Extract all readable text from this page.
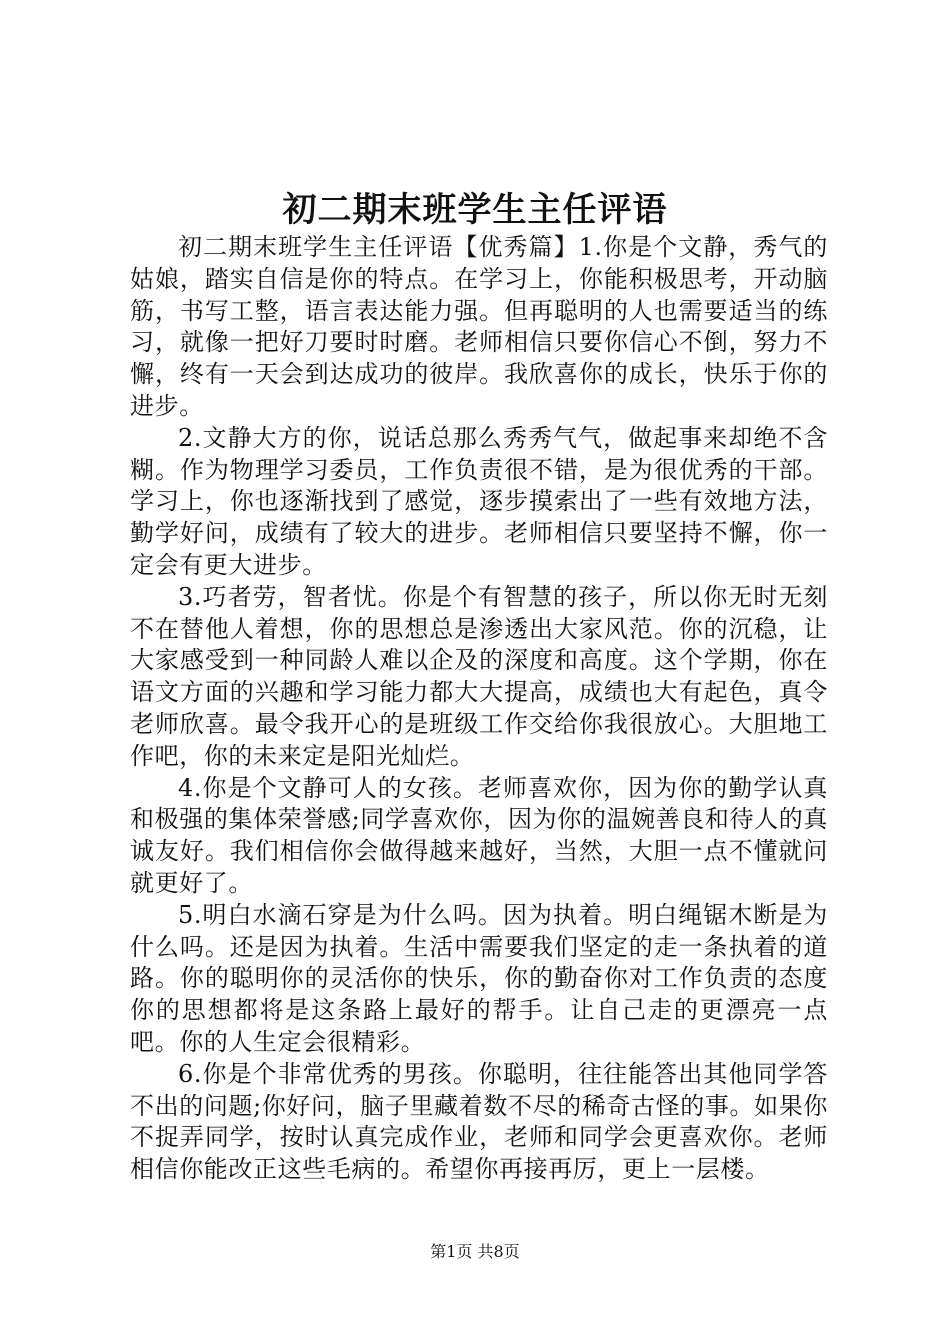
初二期末班学生主任评语

初二期末班学生主任评语【优秀篇】1.你是个文静，秀气的姑娘，踏实自信是你的特点。在学习上，你能积极思考，开动脑筋，书写工整，语言表达能力强。但再聪明的人也需要适当的练习，就像一把好刀要时时磨。老师相信只要你信心不倒，努力不懈，终有一天会到达成功的彼岸。我欣喜你的成长，快乐于你的进步。

2.文静大方的你，说话总那么秀秀气气，做起事来却绝不含糊。作为物理学习委员，工作负责很不错，是为很优秀的干部。学习上，你也逐渐找到了感觉，逐步摸索出了一些有效地方法，勤学好问，成绩有了较大的进步。老师相信只要坚持不懈，你一定会有更大进步。

3.巧者劳，智者忧。你是个有智慧的孩子，所以你无时无刻不在替他人着想，你的思想总是渗透出大家风范。你的沉稳，让大家感受到一种同龄人难以企及的深度和高度。这个学期，你在语文方面的兴趣和学习能力都大大提高，成绩也大有起色，真令老师欣喜。最令我开心的是班级工作交给你我很放心。大胆地工作吧，你的未来定是阳光灿烂。

4.你是个文静可人的女孩。老师喜欢你，因为你的勤学认真和极强的集体荣誉感;同学喜欢你，因为你的温婉善良和待人的真诚友好。我们相信你会做得越来越好，当然，大胆一点不懂就问就更好了。

5.明白水滴石穿是为什么吗。因为执着。明白绳锯木断是为什么吗。还是因为执着。生活中需要我们坚定的走一条执着的道路。你的聪明你的灵活你的快乐，你的勤奋你对工作负责的态度你的思想都将是这条路上最好的帮手。让自己走的更漂亮一点吧。你的人生定会很精彩。

6.你是个非常优秀的男孩。你聪明，往往能答出其他同学答不出的问题;你好问，脑子里藏着数不尽的稀奇古怪的事。如果你不捉弄同学，按时认真完成作业，老师和同学会更喜欢你。老师相信你能改正这些毛病的。希望你再接再厉，更上一层楼。

第1页 共8页
